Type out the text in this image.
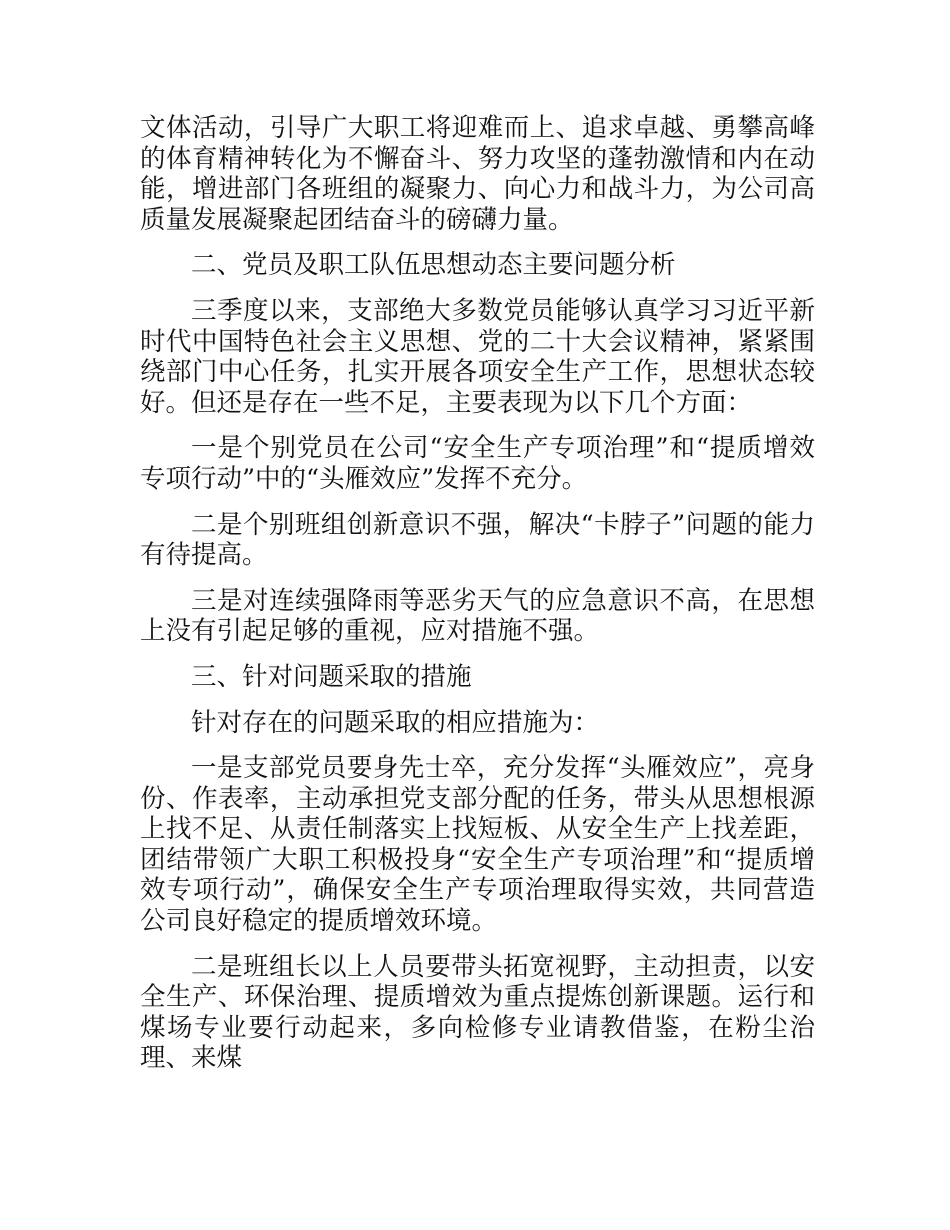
文体活动，引导广大职工将迎难而上、追求卓越、勇攀高峰的体育精神转化为不懈奋斗、努力攻坚的蓬勃激情和内在动能，增进部门各班组的凝聚力、向心力和战斗力，为公司高质量发展凝聚起团结奋斗的磅礴力量。

二、党员及职工队伍思想动态主要问题分析

三季度以来，支部绝大多数党员能够认真学习习近平新时代中国特色社会主义思想、党的二十大会议精神，紧紧围绕部门中心任务，扎实开展各项安全生产工作，思想状态较好。但还是存在一些不足，主要表现为以下几个方面：

一是个别党员在公司“安全生产专项治理”和“提质增效专项行动”中的“头雁效应”发挥不充分。

二是个别班组创新意识不强，解决“卡脖子”问题的能力有待提高。

三是对连续强降雨等恶劣天气的应急意识不高，在思想上没有引起足够的重视，应对措施不强。

三、针对问题采取的措施

针对存在的问题采取的相应措施为：

一是支部党员要身先士卒，充分发挥“头雁效应”，亮身份、作表率，主动承担党支部分配的任务，带头从思想根源上找不足、从责任制落实上找短板、从安全生产上找差距，团结带领广大职工积极投身“安全生产专项治理”和“提质增效专项行动”，确保安全生产专项治理取得实效，共同营造公司良好稳定的提质增效环境。

二是班组长以上人员要带头拓宽视野，主动担责，以安全生产、环保治理、提质增效为重点提炼创新课题。运行和煤场专业要行动起来，多向检修专业请教借鉴，在粉尘治理、来煤
